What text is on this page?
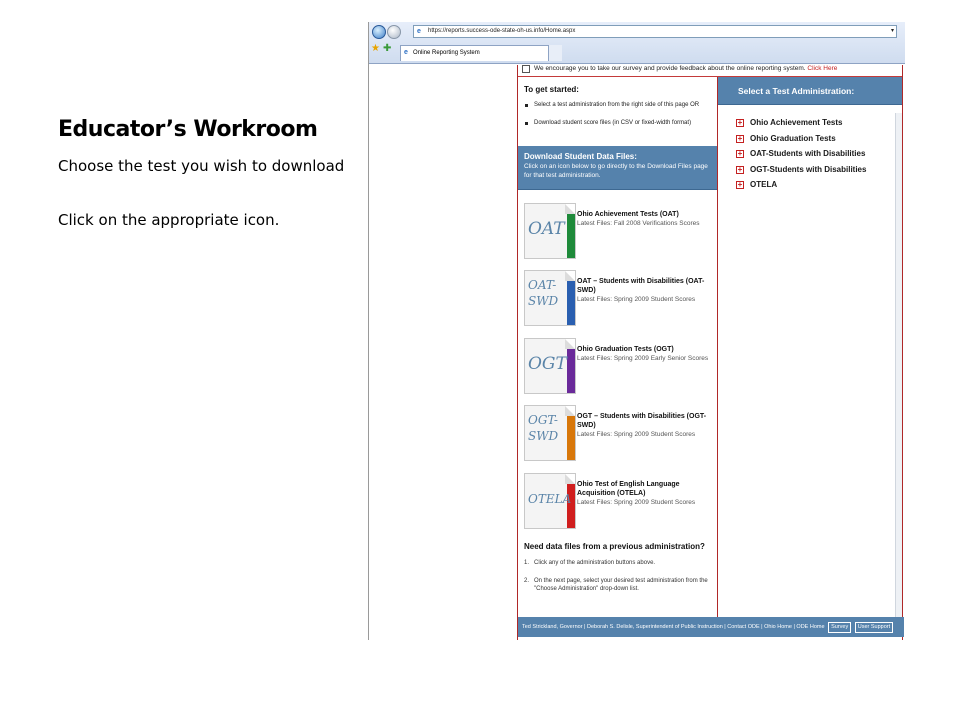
Educator’s Workroom
Choose the test you wish to download
Click on the appropriate icon.
e https://reports.success-ode-state-oh-us.info/Home.aspx	▾
★ ✚ e Online Reporting System
We encourage you to take our survey and provide feedback about the online reporting system. Click Here
To get started:
Select a test administration from the right side of this page OR
Download student score files (in CSV or fixed-width format)
Download Student Data Files:
Click on an icon below to go directly to the Download Files page for that test administration.
OAT
Ohio Achievement Tests (OAT)
Latest Files: Fall 2008 Verifications Scores
OAT-
SWD
OAT – Students with Disabilities (OAT-SWD)
Latest Files: Spring 2009 Student Scores
OGT
Ohio Graduation Tests (OGT)
Latest Files: Spring 2009 Early Senior Scores
OGT-
SWD
OGT – Students with Disabilities (OGT-SWD)
Latest Files: Spring 2009 Student Scores
OTELA
Ohio Test of English Language Acquisition (OTELA)
Latest Files: Spring 2009 Student Scores
Need data files from a previous administration?
1. Click any of the administration buttons above.
2. On the next page, select your desired test administration from the "Choose Administration" drop-down list.
Select a Test Administration:
+ Ohio Achievement Tests
+ Ohio Graduation Tests
+ OAT-Students with Disabilities
+ OGT-Students with Disabilities
+ OTELA
Ted Strickland, Governor | Deborah S. Delisle, Superintendent of Public Instruction | Contact ODE | Ohio Home | ODE Home Survey User Support
